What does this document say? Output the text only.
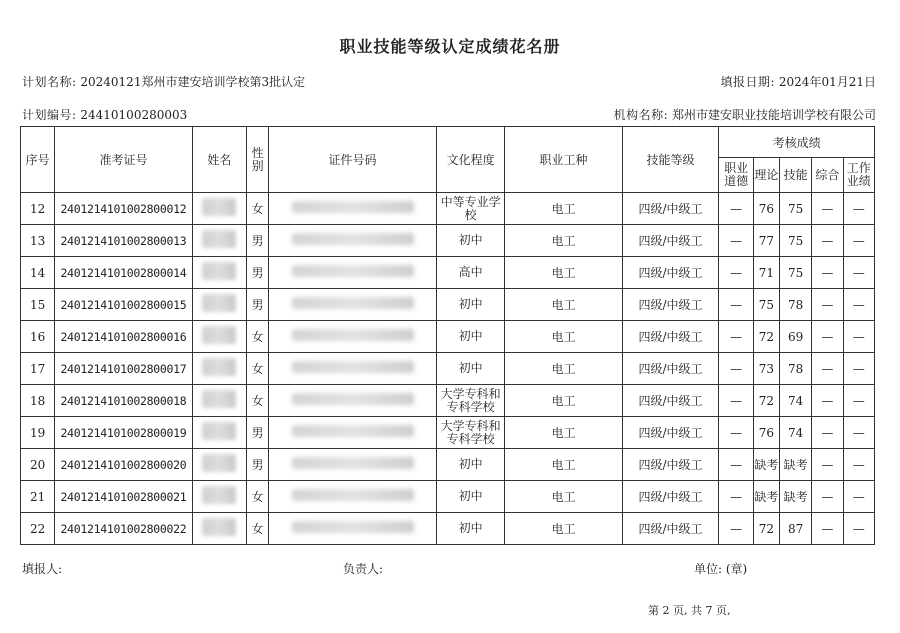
职业技能等级认定成绩花名册
计划名称: 20240121郑州市建安培训学校第3批认定	填报日期: 2024年01月21日
计划编号: 24410100280003	机构名称: 郑州市建安职业技能培训学校有限公司
序号	准考证号	姓名	性别	证件号码	文化程度	职业工种	技能等级	考核成绩				
								职业道德	理论	技能	综合	工作业绩
12	240121410100280001​2		女		中等专业学校	电工	四级/中级工	—	76	75	—	—
13	2401214101002800013		男		初中	电工	四级/中级工	—	77	75	—	—
14	2401214101002800014		男		高中	电工	四级/中级工	—	71	75	—	—
15	2401214101002800015		男		初中	电工	四级/中级工	—	75	78	—	—
16	2401214101002800016		女		初中	电工	四级/中级工	—	72	69	—	—
17	2401214101002800017		女		初中	电工	四级/中级工	—	73	78	—	—
18	2401214101002800018		女		大学专科和专科学校	电工	四级/中级工	—	72	74	—	—
19	2401214101002800019		男		大学专科和专科学校	电工	四级/中级工	—	76	74	—	—
20	2401214101002800020		男		初中	电工	四级/中级工	—	缺考	缺考	—	—
21	2401214101002800021		女		初中	电工	四级/中级工	—	缺考	缺考	—	—
22	2401214101002800022		女		初中	电工	四级/中级工	—	72	87	—	—
填报人:	负责人:	单位: (章)
第 2 页, 共 7 页,
